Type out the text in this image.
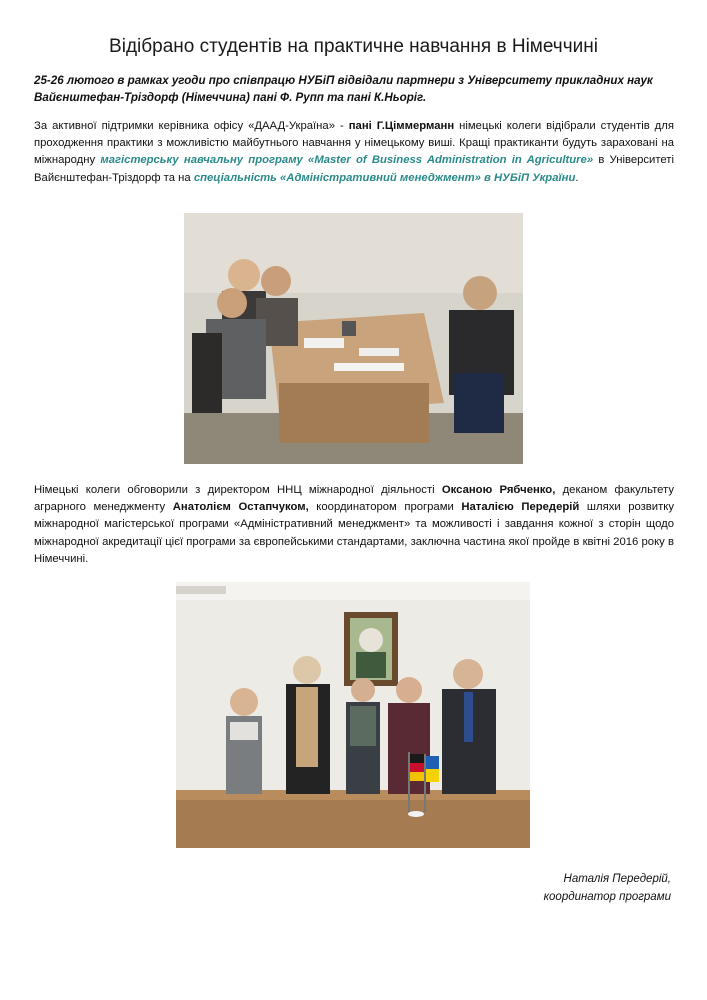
Відібрано студентів на практичне навчання в Німеччині

25-26 лютого в рамках угоди про співпрацю НУБіП відвідали партнери з Університету прикладних наук Вайєнштефан-Тріздорф (Німеччина) пані Ф. Рупп та пані К.Ньоріг.

За активної підтримки керівника офісу «ДААД-Україна» - пані Г.Ціммерманн німецькі колеги відібрали студентів для проходження практики з можливістю майбутнього навчання у німецькому виші. Кращі практиканти будуть зараховані на міжнародну магістерську навчальну програму «Master of Business Administration in Agriculture» в Університеті Вайєнштефан-Тріздорф та на спеціальність «Адміністративний менеджмент» в НУБіП України.

Німецькі колеги обговорили з директором ННЦ міжнародної діяльності Оксаною Рябченко, деканом факультету аграрного менеджменту Анатолієм Остапчуком, координатором програми Наталією Передерій шляхи розвитку міжнародної магістерської програми «Адміністративний менеджмент» та можливості і завдання кожної з сторін щодо міжнародної акредитації цієї програми за європейськими стандартами, заключна частина якої пройде в квітні 2016 року в Німеччині.

Наталія Передерій,
координатор програми
